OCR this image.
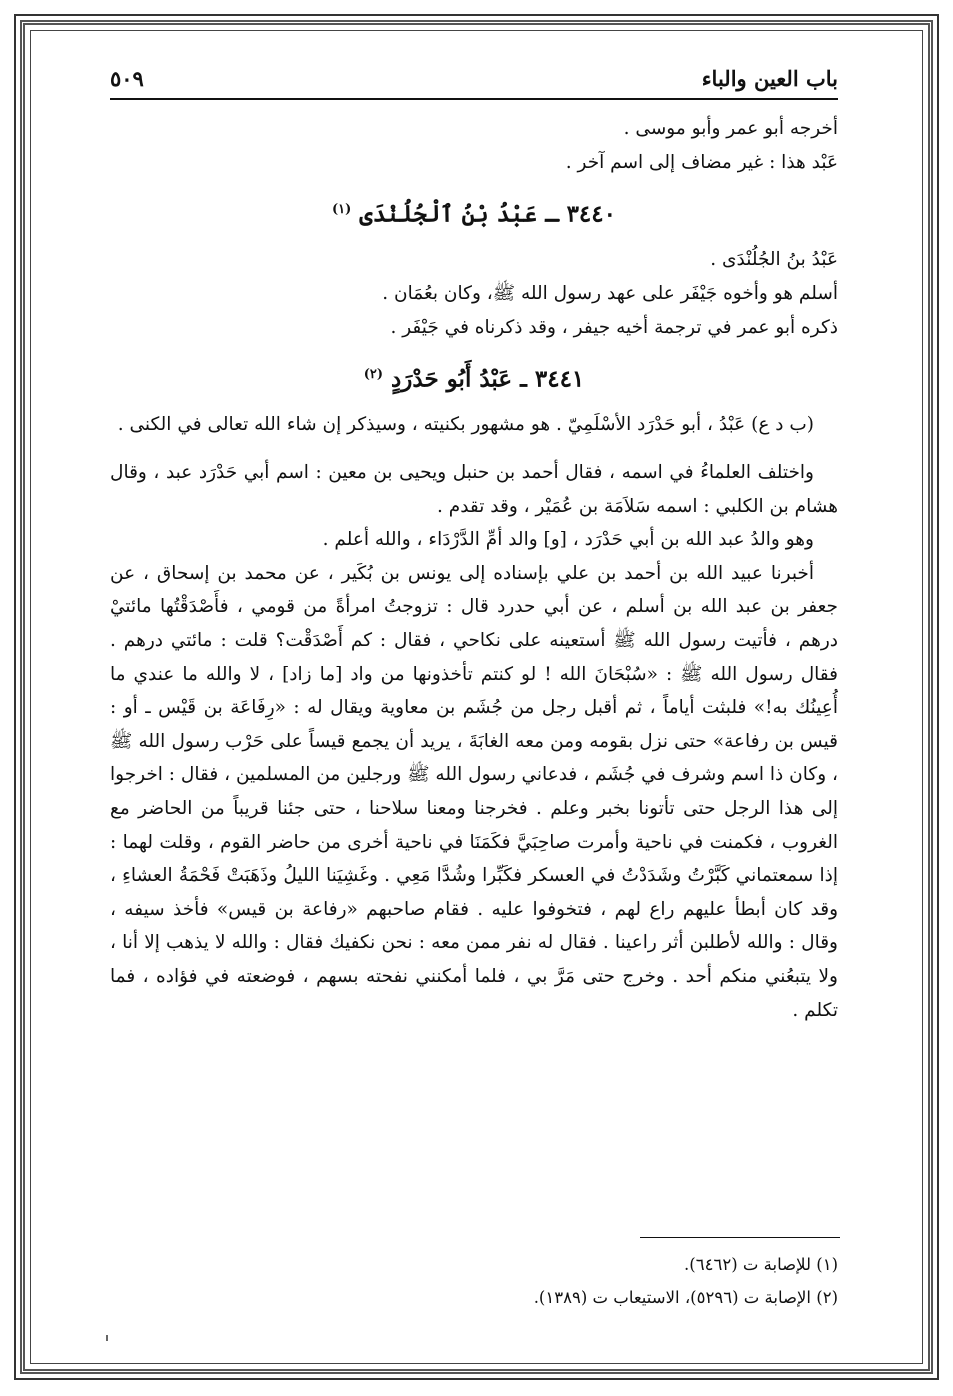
باب العين والباء
٥٠٩

أخرجه أبو عمر وأبو موسى .

عَبْد هذا : غير مضاف إلى اسم آخر .

٣٤٤٠ ـ عَبْدُ بْنُ ٱلْجُلُنْدَى $^{(١)}$

عَبْدُ بنُ الجُلُنْدَى .

أسلم هو وأخوه جَيْفَر على عهد رسول الله ﷺ، وكان بعُمَان .

ذكره أبو عمر في ترجمة أخيه جيفر ، وقد ذكرناه في جَيْفَر .

٣٤٤١ ـ عَبْدُ أَبُو حَدْرَدٍ $^{(٢)}$

(ب د ع) عَبْدُ ، أبو حَدْرَد الأسْلَمِيّ . هو مشهور بكنيته ، وسيذكر إن شاء الله تعالى في الكنى .

واختلف العلماءُ في اسمه ، فقال أحمد بن حنبل ويحيى بن معين : اسم أبي حَدْرَد عبد ، وقال هشام بن الكلبي : اسمه سَلاَمَة بن عُمَيْر ، وقد تقدم .

وهو والدُ عبد الله بن أبي حَدْرَد ، [و] والد أمِّ الدَّرْدَاء ، والله أعلم .

أخبرنا عبيد الله بن أحمد بن علي بإسناده إلى يونس بن بُكَير ، عن محمد بن إسحاق ، عن جعفر بن عبد الله بن أسلم ، عن أبي حدرد قال : تزوجتُ امرأةً من قومي ، فأَصْدَقْتُها مائتيْ درهم ، فأتيت رسول الله ﷺ أستعينه على نكاحي ، فقال : كم أَصْدَقْت؟ قلت : مائتي درهم . فقال رسول الله ﷺ : «سُبْحَانَ الله ! لو كنتم تأخذونها من واد [ما زاد] ، لا والله ما عندي ما أُعِينُك به!» فلبثت أياماً ، ثم أقبل رجل من جُشَم بن معاوية ويقال له : «رِفَاعَة بن قَيْس ـ أو : قيس بن رفاعة» حتى نزل بقومه ومن معه الغابَةَ ، يريد أن يجمع قيساً على حَرْب رسول الله ﷺ ، وكان ذا اسم وشرف في جُشَم ، فدعاني رسول الله ﷺ ورجلين من المسلمين ، فقال : اخرجوا إلى هذا الرجل حتى تأتونا بخبر وعلم . فخرجنا ومعنا سلاحنا ، حتى جئنا قريباً من الحاضر مع الغروب ، فكمنت في ناحية وأمرت صاحِبَيَّ فكَمَنَا في ناحية أخرى من حاضر القوم ، وقلت لهما : إذا سمعتماني كَبَّرْتُ وشَدَدْتُ في العسكر فكَبِّرا وشُدَّا مَعِي . وغَشِيَنا الليلُ وذَهَبَتْ فَحْمَةُ العشاءِ ، وقد كان أبطأ عليهم راع لهم ، فتخوفوا عليه . فقام صاحبهم «رفاعة بن قيس» فأخذ سيفه ، وقال : والله لأطلبن أثر راعينا . فقال له نفر ممن معه : نحن نكفيك فقال : والله لا يذهب إلا أنا ، ولا يتبعُني منكم أحد . وخرج حتى مَرَّ بي ، فلما أمكنني نفحته بسهم ، فوضعته في فؤاده ، فما تكلم .

(١) للإصابة ت (٦٤٦٢).

(٢) الإصابة ت (٥٢٩٦)، الاستيعاب ت (١٣٨٩).
